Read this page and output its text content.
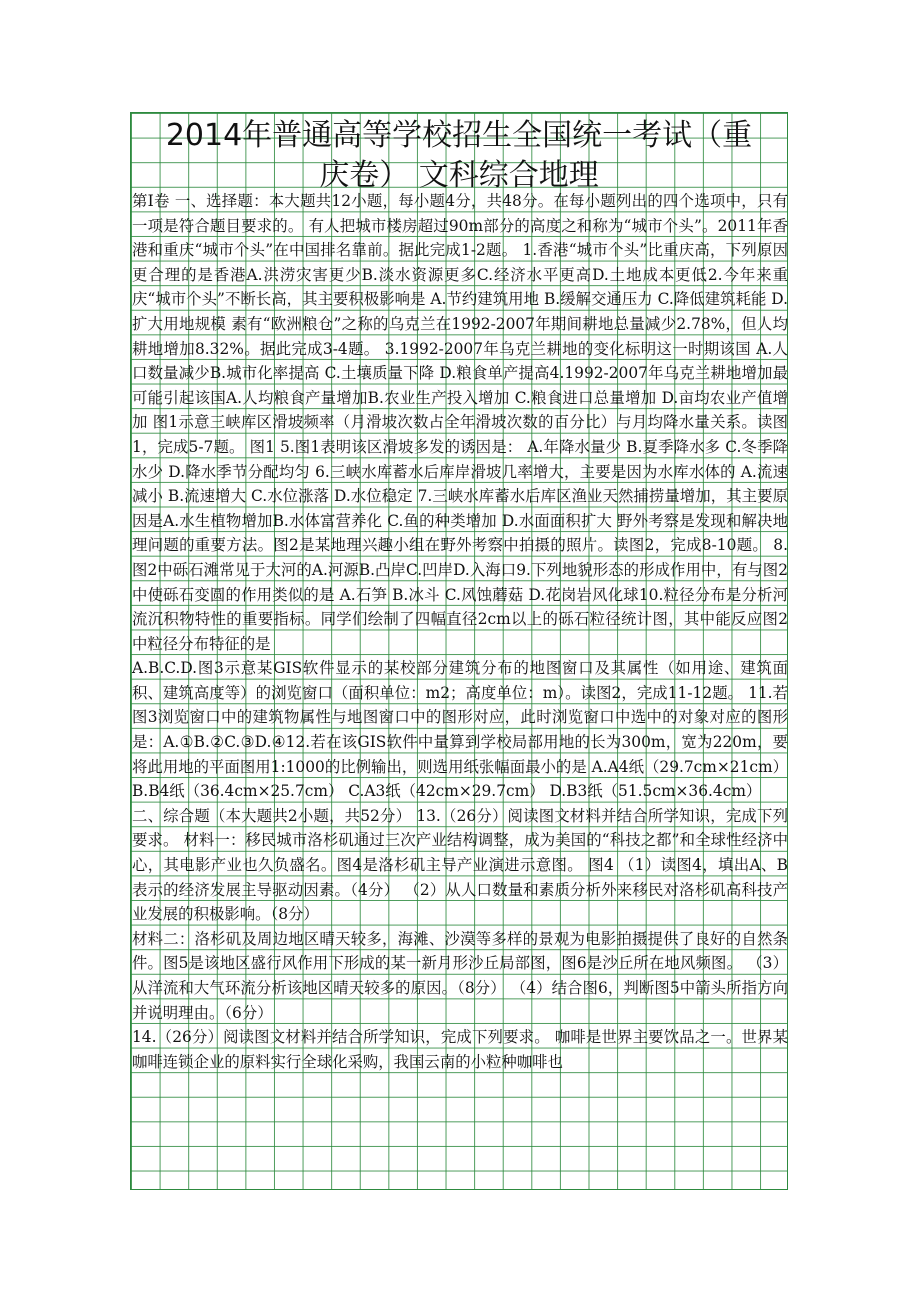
2014年普通高等学校招生全国统一考试（重
庆卷） 文科综合地理

第Ⅰ卷 一、选择题：本大题共12小题，每小题4分，共48分。在每小题列出的四个选项中，只有一项是符合题目要求的。 有人把城市楼房超过90m部分的高度之和称为“城市个头”。2011年香港和重庆“城市个头”在中国排名靠前。据此完成1-2题。 1.香港“城市个头”比重庆高，下列原因更合理的是香港A.洪涝灾害更少B.淡水资源更多C.经济水平更高D.土地成本更低2.今年来重庆“城市个头”不断长高，其主要积极影响是 A.节约建筑用地 B.缓解交通压力 C.降低建筑耗能 D.扩大用地规模 素有“欧洲粮仓”之称的乌克兰在1992-2007年期间耕地总量减少2.78%，但人均耕地增加8.32%。据此完成3-4题。 3.1992-2007年乌克兰耕地的变化标明这一时期该国 A.人口数量减少B.城市化率提高 C.土壤质量下降 D.粮食单产提高4.1992-2007年乌克兰耕地增加最可能引起该国A.人均粮食产量增加B.农业生产投入增加 C.粮食进口总量增加 D.亩均农业产值增加 图1示意三峡库区滑坡频率（月滑坡次数占全年滑坡次数的百分比）与月均降水量关系。读图1，完成5-7题。 图1 5.图1表明该区滑坡多发的诱因是： A.年降水量少 B.夏季降水多 C.冬季降水少 D.降水季节分配均匀 6.三峡水库蓄水后库岸滑坡几率增大，主要是因为水库水体的 A.流速减小 B.流速增大 C.水位涨落 D.水位稳定 7.三峡水库蓄水后库区渔业天然捕捞量增加，其主要原因是A.水生植物增加B.水体富营养化 C.鱼的种类增加 D.水面面积扩大 野外考察是发现和解决地理问题的重要方法。图2是某地理兴趣小组在野外考察中拍摄的照片。读图2，完成8-10题。 8.图2中砾石滩常见于大河的A.河源B.凸岸C.凹岸D.入海口9.下列地貌形态的形成作用中，有与图2中使砾石变圆的作用类似的是 A.石笋 B.冰斗 C.风蚀蘑菇 D.花岗岩风化球10.粒径分布是分析河流沉积物特性的重要指标。同学们绘制了四幅直径2cm以上的砾石粒径统计图，其中能反应图2中粒径分布特征的是

A.B.C.D.图3示意某GIS软件显示的某校部分建筑分布的地图窗口及其属性（如用途、建筑面积、建筑高度等）的浏览窗口（面积单位：m2；高度单位：m）。读图2，完成11-12题。 11.若图3浏览窗口中的建筑物属性与地图窗口中的图形对应，此时浏览窗口中选中的对象对应的图形是：A.①B.②C.③D.④12.若在该GIS软件中量算到学校局部用地的长为300m，宽为220m，要将此用地的平面图用1:1000的比例输出，则选用纸张幅面最小的是 A.A4纸（29.7cm×21cm） B.B4纸（36.4cm×25.7cm） C.A3纸（42cm×29.7cm） D.B3纸（51.5cm×36.4cm）

二、综合题（本大题共2小题，共52分） 13.（26分）阅读图文材料并结合所学知识，完成下列要求。 材料一：移民城市洛杉矶通过三次产业结构调整，成为美国的“科技之都”和全球性经济中心，其电影产业也久负盛名。图4是洛杉矶主导产业演进示意图。 图4 （1）读图4，填出A、B表示的经济发展主导驱动因素。（4分） （2）从人口数量和素质分析外来移民对洛杉矶高科技产业发展的积极影响。（8分）

材料二：洛杉矶及周边地区晴天较多，海滩、沙漠等多样的景观为电影拍摄提供了良好的自然条件。图5是该地区盛行风作用下形成的某一新月形沙丘局部图，图6是沙丘所在地风频图。 （3）从洋流和大气环流分析该地区晴天较多的原因。（8分） （4）结合图6，判断图5中箭头所指方向并说明理由。（6分）

14.（26分）阅读图文材料并结合所学知识，完成下列要求。 咖啡是世界主要饮品之一。世界某咖啡连锁企业的原料实行全球化采购，我国云南的小粒种咖啡也
